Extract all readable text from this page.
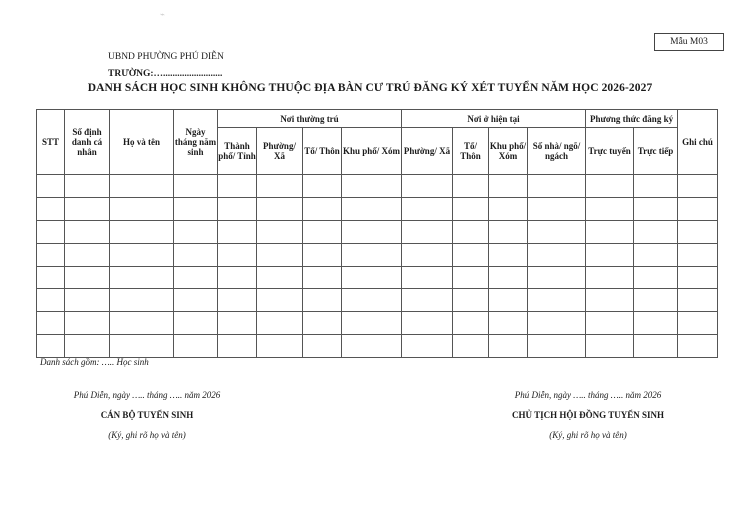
⌁
Mẫu M03
UBND PHƯỜNG PHÚ DIỄN
TRƯỜNG:….........................
DANH SÁCH HỌC SINH KHÔNG THUỘC ĐỊA BÀN CƯ TRÚ ĐĂNG KÝ XÉT TUYỂN NĂM HỌC 2026-2027
STT	Số định danh cá nhân	Họ và tên	Ngày tháng năm sinh	Nơi thường trú				Nơi ở hiện tại				Phương thức đăng ký		Ghi chú
				Thành phố/ Tỉnh	Phường/ Xã	Tổ/ Thôn	Khu phố/ Xóm	Phường/ Xã	Tổ/ Thôn	Khu phố/ Xóm	Số nhà/ ngõ/ ngách	Trực tuyến	Trực tiếp	

Danh sách gồm: ….. Học sinh
Phú Diễn, ngày ….. tháng ….. năm 2026
CÁN BỘ TUYỂN SINH
(Ký, ghi rõ họ và tên)
Phú Diễn, ngày ….. tháng ….. năm 2026
CHỦ TỊCH HỘI ĐỒNG TUYỂN SINH
(Ký, ghi rõ họ và tên)
